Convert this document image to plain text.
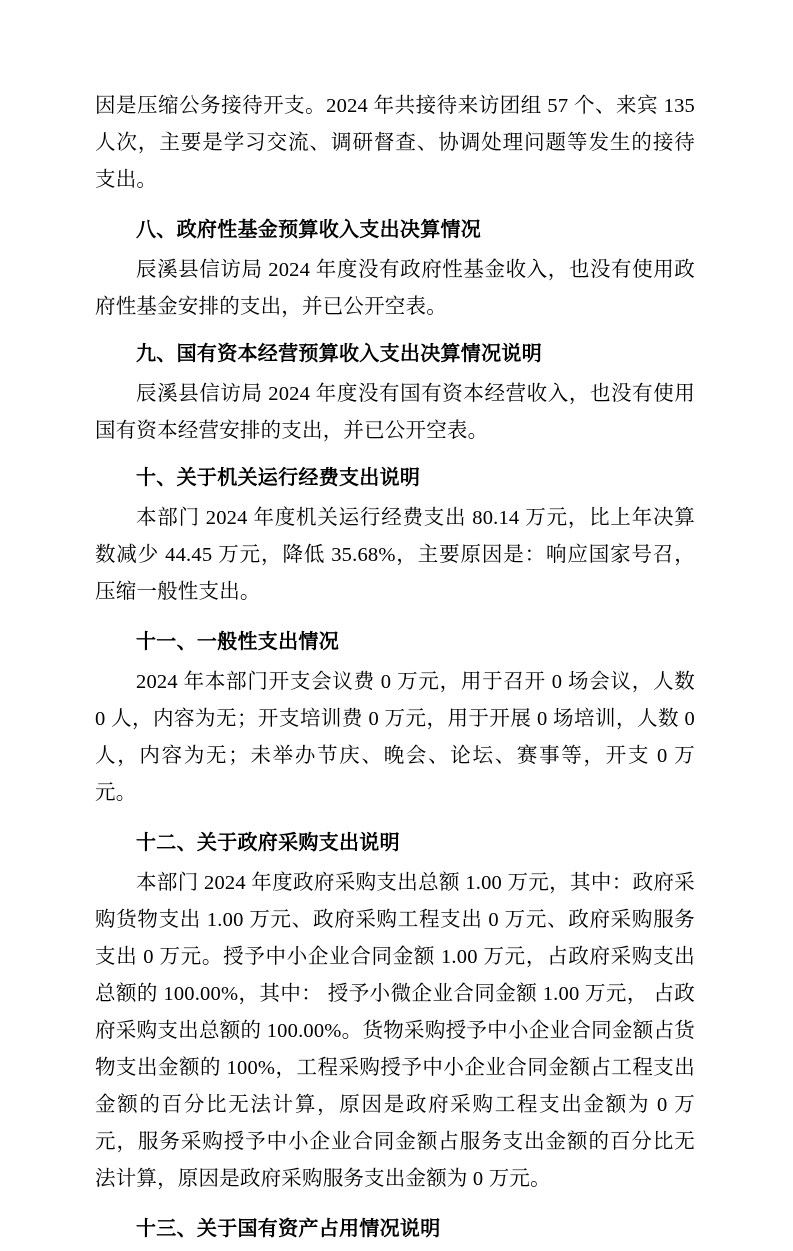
因是压缩公务接待开支。2024 年共接待来访团组 57 个、来宾 135 人次，主要是学习交流、调研督查、协调处理问题等发生的接待支出。

八、政府性基金预算收入支出决算情况

辰溪县信访局 2024 年度没有政府性基金收入，也没有使用政府性基金安排的支出，并已公开空表。

九、国有资本经营预算收入支出决算情况说明

辰溪县信访局 2024 年度没有国有资本经营收入，也没有使用国有资本经营安排的支出，并已公开空表。

十、关于机关运行经费支出说明

本部门 2024 年度机关运行经费支出 80.14 万元，比上年决算数减少 44.45 万元，降低 35.68%，主要原因是：响应国家号召，压缩一般性支出。

十一、一般性支出情况

2024 年本部门开支会议费 0 万元，用于召开 0 场会议，人数 0 人，内容为无；开支培训费 0 万元，用于开展 0 场培训，人数 0 人，内容为无；未举办节庆、晚会、论坛、赛事等，开支 0 万元。

十二、关于政府采购支出说明

本部门 2024 年度政府采购支出总额 1.00 万元，其中：政府采购货物支出 1.00 万元、政府采购工程支出 0 万元、政府采购服务支出 0 万元。授予中小企业合同金额 1.00 万元，占政府采购支出总额的 100.00%，其中： 授予小微企业合同金额 1.00 万元， 占政府采购支出总额的 100.00%。货物采购授予中小企业合同金额占货物支出金额的 100%，工程采购授予中小企业合同金额占工程支出金额的百分比无法计算，原因是政府采购工程支出金额为 0 万元，服务采购授予中小企业合同金额占服务支出金额的百分比无法计算，原因是政府采购服务支出金额为 0 万元。

十三、关于国有资产占用情况说明
